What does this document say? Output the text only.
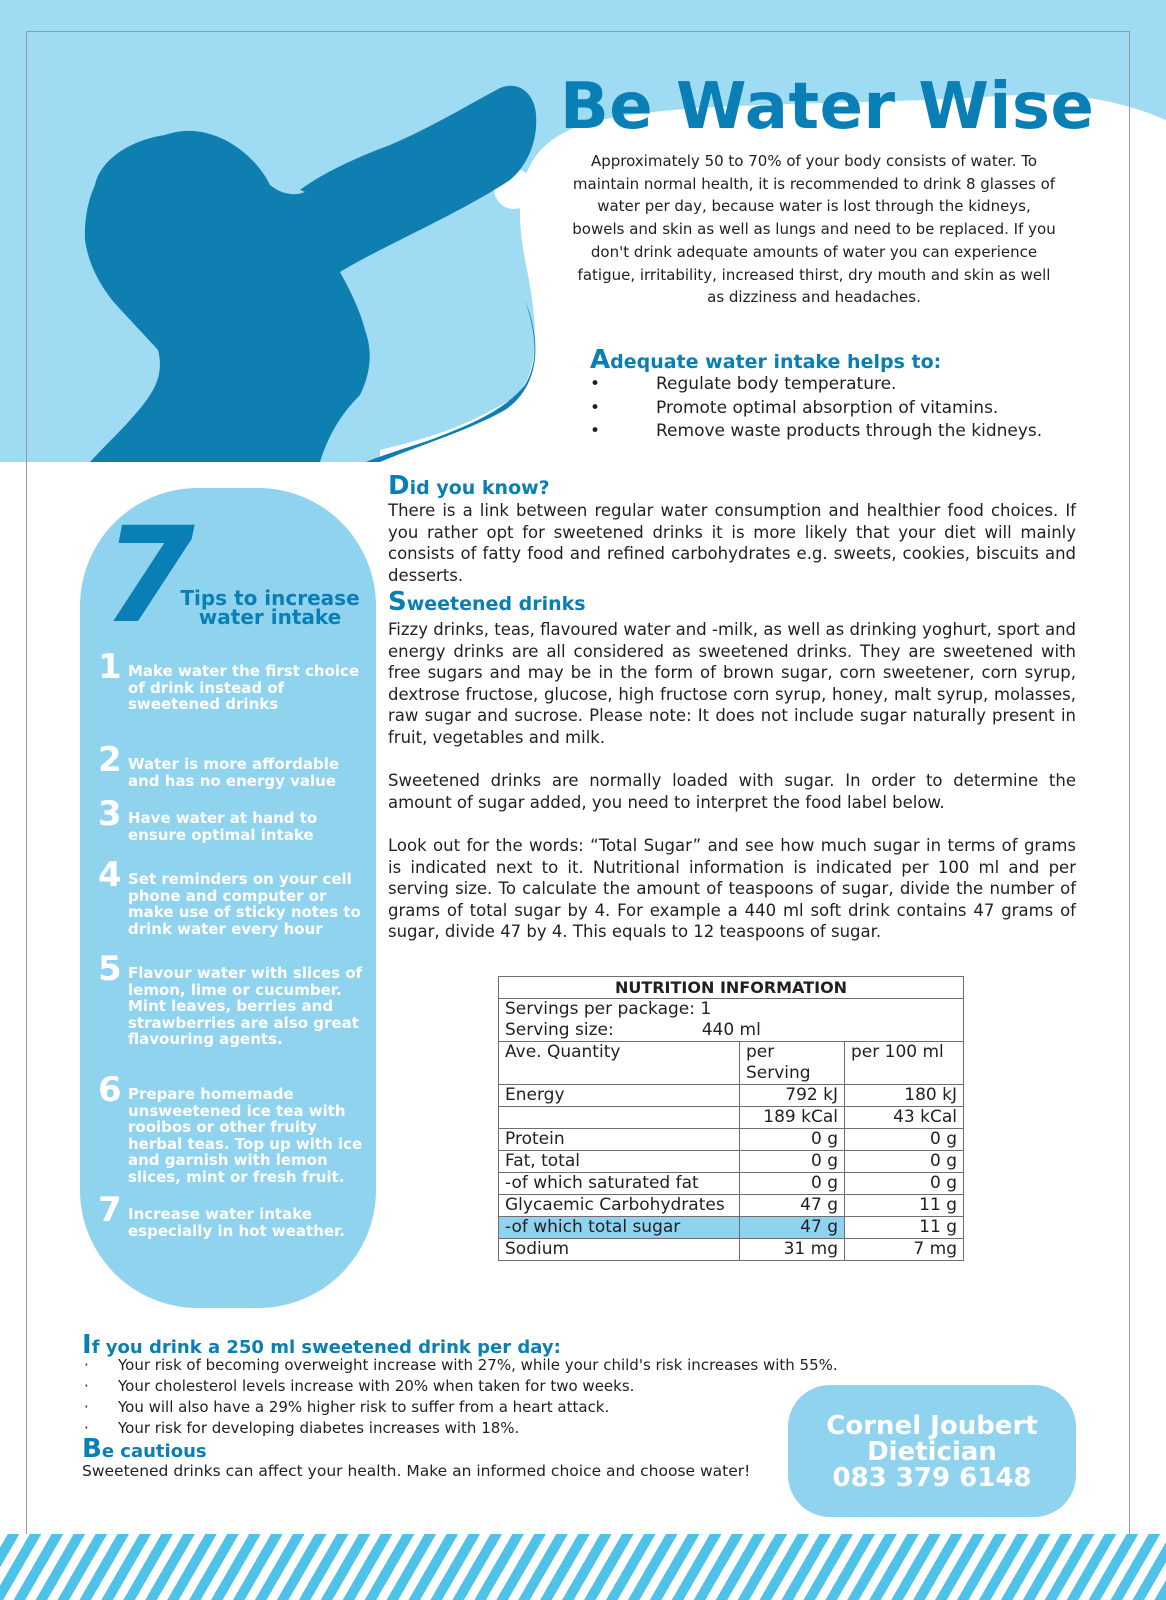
Be Water Wise

Approximately 50 to 70% of your body consists of water. To maintain normal health, it is recommended to drink 8 glasses of water per day, because water is lost through the kidneys, bowels and skin as well as lungs and need to be replaced. If you don't drink adequate amounts of water you can experience fatigue, irritability, increased thirst, dry mouth and skin as well as dizziness and headaches.

Adequate water intake helps to:
• Regulate body temperature.
• Promote optimal absorption of vitamins.
• Remove waste products through the kidneys.
Did you know?

There is a link between regular water consumption and healthier food choices. If you rather opt for sweetened drinks it is more likely that your diet will mainly consists of fatty food and refined carbohydrates e.g. sweets, cookies, biscuits and desserts.

Sweetened drinks

Fizzy drinks, teas, flavoured water and -milk, as well as drinking yoghurt, sport and energy drinks are all considered as sweetened drinks. They are sweetened with free sugars and may be in the form of brown sugar, corn sweetener, corn syrup, dextrose fructose, glucose, high fructose corn syrup, honey, malt syrup, molasses, raw sugar and sucrose. Please note: It does not include sugar naturally present in fruit, vegetables and milk.

Sweetened drinks are normally loaded with sugar. In order to determine the amount of sugar added, you need to interpret the food label below.

Look out for the words: “Total Sugar” and see how much sugar in terms of grams is indicated next to it. Nutritional information is indicated per 100 ml and per serving size. To calculate the amount of teaspoons of sugar, divide the number of grams of total sugar by 4. For example a 440 ml soft drink contains 47 grams of sugar, divide 47 by 4. This equals to 12 teaspoons of sugar.

7
Tips to increase water intake
1 Make water the first choice of drink instead of sweetened drinks
2 Water is more affordable and has no energy value
3 Have water at hand to ensure optimal intake
4 Set reminders on your cell phone and computer or make use of sticky notes to drink water every hour
5 Flavour water with slices of lemon, lime or cucumber. Mint leaves, berries and strawberries are also great flavouring agents.
6 Prepare homemade unsweetened ice tea with rooibos or other fruity herbal teas. Top up with ice and garnish with lemon slices, mint or fresh fruit.
7 Increase water intake especially in hot weather.
NUTRITION INFORMATION		
Servings per package: 1		
Serving size: 440 ml		
Ave. Quantity	per Serving	per 100 ml
Energy	792 kJ	180 kJ
	189 kCal	43 kCal
Protein	0 g	0 g
Fat, total	0 g	0 g
-of which saturated fat	0 g	0 g
Glycaemic Carbohydrates	47 g	11 g
-of which total sugar	47 g	11 g
Sodium	31 mg	7 mg
If you drink a 250 ml sweetened drink per day:
· Your risk of becoming overweight increase with 27%, while your child's risk increases with 55%.
· Your cholesterol levels increase with 20% when taken for two weeks.
· You will also have a 29% higher risk to suffer from a heart attack.
· Your risk for developing diabetes increases with 18%.
Be cautious

Sweetened drinks can affect your health. Make an informed choice and choose water!

Cornel Joubert
Dietician
083 379 6148
